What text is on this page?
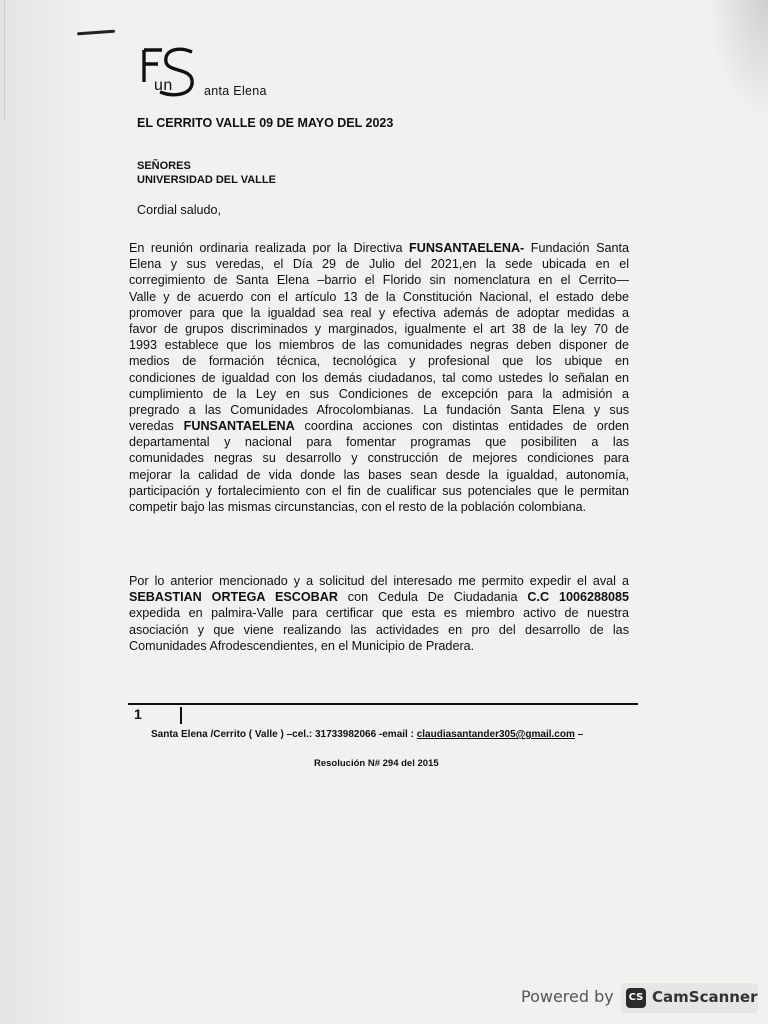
un anta Elena
EL CERRITO VALLE 09 DE MAYO DEL 2023
SEÑORES
UNIVERSIDAD DEL VALLE
Cordial saludo,
En reunión ordinaria realizada por la Directiva FUNSANTAELENA- Fundación Santa
Elena y sus veredas, el Día 29 de Julio del 2021,en la sede ubicada en el
corregimiento de Santa Elena –barrio el Florido sin nomenclatura en el Cerrito—
Valle y de acuerdo con el artículo 13 de la Constitución Nacional, el estado debe
promover para que la igualdad sea real y efectiva además de adoptar medidas a
favor de grupos discriminados y marginados, igualmente el art 38 de la ley 70 de
1993 establece que los miembros de las comunidades negras deben disponer de
medios de formación técnica, tecnológica y profesional que los ubique en
condiciones de igualdad con los demás ciudadanos, tal como ustedes lo señalan en
cumplimiento de la Ley en sus Condiciones de excepción para la admisión a
pregrado a las Comunidades Afrocolombianas. La fundación Santa Elena y sus
veredas FUNSANTAELENA coordina acciones con distintas entidades de orden
departamental y nacional para fomentar programas que posibiliten a las
comunidades negras su desarrollo y construcción de mejores condiciones para
mejorar la calidad de vida donde las bases sean desde la igualdad, autonomía,
participación y fortalecimiento con el fin de cualificar sus potenciales que le permitan
competir bajo las mismas circunstancias, con el resto de la población colombiana.
Por lo anterior mencionado y a solicitud del interesado me permito expedir el aval a
SEBASTIAN ORTEGA ESCOBAR con Cedula De Ciudadania C.C 1006288085
expedida en palmira-Valle para certificar que esta es miembro activo de nuestra
asociación y que viene realizando las actividades en pro del desarrollo de las
Comunidades Afrodescendientes, en el Municipio de Pradera.
1
Santa Elena /Cerrito ( Valle ) –cel.: 31733982066 -email : claudiasantander305@gmail.com –
Resolución N# 294 del 2015
Powered by CS CamScanner
